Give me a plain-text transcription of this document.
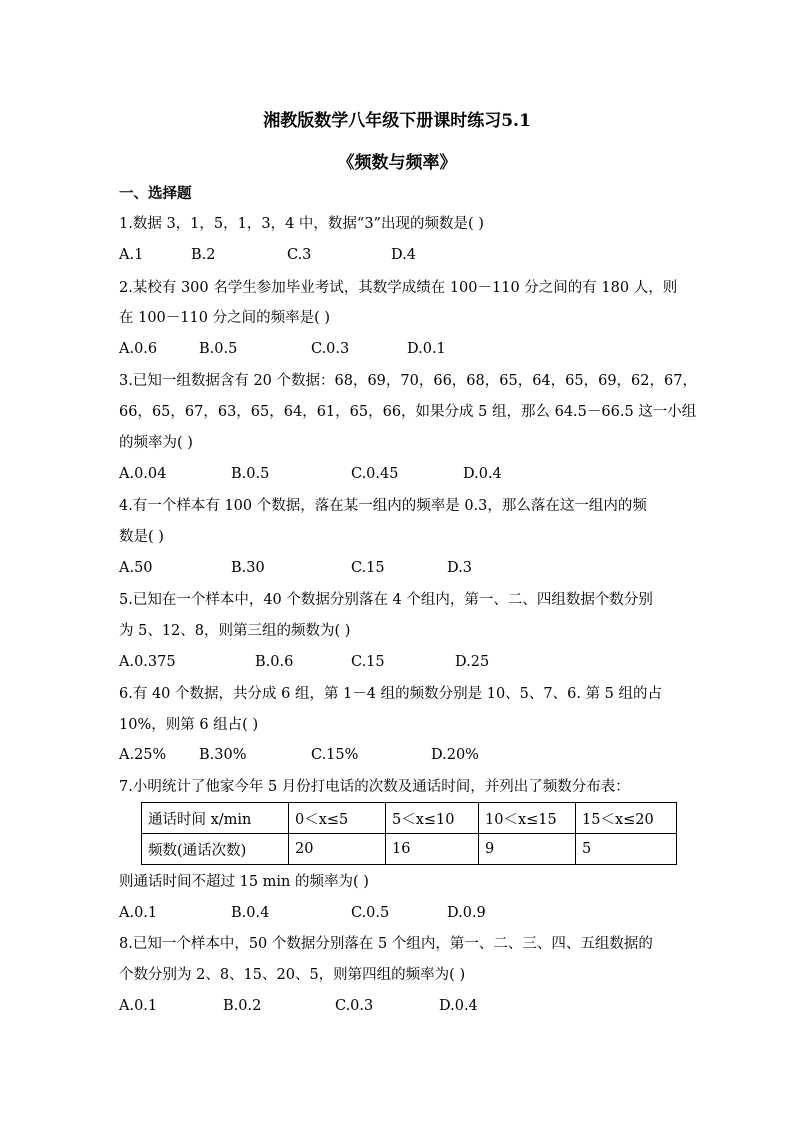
湘教版数学八年级下册课时练习5.1
《频数与频率》
一、选择题
1.数据 3，1，5，1，3，4 中，数据“3”出现的频数是( )
A.1	B.2	C.3	D.4
2.某校有 300 名学生参加毕业考试，其数学成绩在 100－110 分之间的有 180 人，则
在 100－110 分之间的频率是( )
A.0.6	B.0.5	C.0.3	D.0.1
3.已知一组数据含有 20 个数据：68，69，70，66，68，65，64，65，69，62，67，
66，65，67，63，65，64，61，65，66，如果分成 5 组，那么 64.5－66.5 这一小组
的频率为( )
A.0.04	B.0.5	C.0.45	D.0.4
4.有一个样本有 100 个数据，落在某一组内的频率是 0.3，那么落在这一组内的频
数是( )
A.50	B.30	C.15	D.3
5.已知在一个样本中，40 个数据分别落在 4 个组内，第一、二、四组数据个数分别
为 5、12、8，则第三组的频数为( )
A.0.375	B.0.6	C.15	D.25
6.有 40 个数据，共分成 6 组，第 1－4 组的频数分别是 10、5、7、6. 第 5 组的占
10%，则第 6 组占( )
A.25% B.30%	C.15%	D.20%
7.小明统计了他家今年 5 月份打电话的次数及通话时间，并列出了频数分布表：
通话时间 x/min	0＜x≤5	5＜x≤10	10＜x≤15	15＜x≤20
频数(通话次数)	20	16	9	5
则通话时间不超过 15 min 的频率为( )
A.0.1	B.0.4	C.0.5	D.0.9
8.已知一个样本中，50 个数据分别落在 5 个组内，第一、二、三、四、五组数据的
个数分别为 2、8、15、20、5，则第四组的频率为( )
A.0.1	B.0.2	C.0.3	D.0.4
